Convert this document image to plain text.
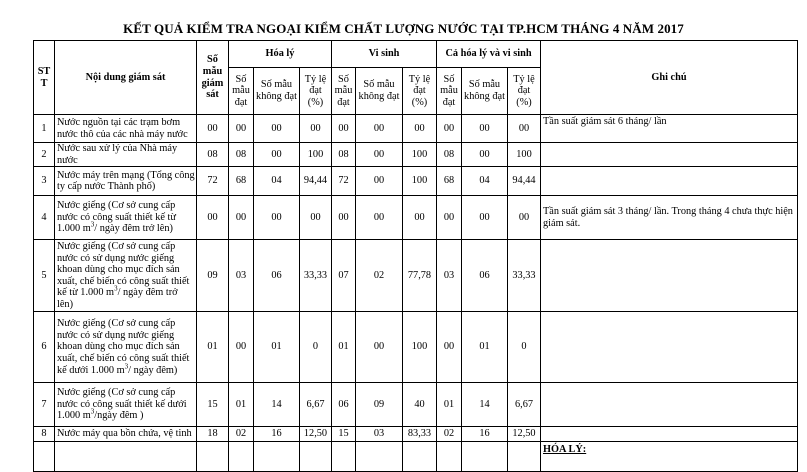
KẾT QUẢ KIỂM TRA NGOẠI KIỂM CHẤT LƯỢNG NƯỚC TẠI TP.HCM THÁNG 4 NĂM 2017
ST T	Nội dung giám sát	Số mẫu giám sát	Hóa lý			Vi sinh			Cả hóa lý và vi sinh			Ghi chú
			Số mẫu đạt	Số mẫu không đạt	Tỷ lệ đạt (%)	Số mẫu đạt	Số mẫu không đạt	Tỷ lệ đạt (%)	Số mẫu đạt	Số mẫu không đạt	Tỷ lệ đạt (%)	
1	Nước nguồn tại các trạm bơm nước thô của các nhà máy nước	00	00	00	00	00	00	00	00	00	00	Tần suất giám sát 6 tháng/ lần
2	Nước sau xử lý của Nhà máy nước	08	08	00	100	08	00	100	08	00	100	
3	Nước máy trên mạng (Tổng công ty cấp nước Thành phố)	72	68	04	94,44	72	00	100	68	04	94,44	
4	Nước giếng (Cơ sở cung cấp nước có công suất thiết kế từ 1.000 $m^3/$ ngày đêm trở lên)	00	00	00	00	00	00	00	00	00	00	Tần suất giám sát 3 tháng/ lần. Trong tháng 4 chưa thực hiện giám sát.
5	Nước giếng (Cơ sở cung cấp nước có sử dụng nước giếng khoan dùng cho mục đích sản xuất, chế biến có công suất thiết kế từ 1.000 $m^3/$ ngày đêm trở lên)	09	03	06	33,33	07	02	77,78	03	06	33,33	
6	Nước giếng (Cơ sở cung cấp nước có sử dụng nước giếng khoan dùng cho mục đích sản xuất, chế biến có công suất thiết kế dưới 1.000 $m^3/$ ngày đêm)	01	00	01	0	01	00	100	00	01	0	
7	Nước giếng (Cơ sở cung cấp nước có công suất thiết kế dưới 1.000 $m^3$/ngày đêm )	15	01	14	6,67	06	09	40	01	14	6,67	
8	Nước máy qua bồn chứa, vệ tinh	18	02	16	12,50	15	03	83,33	02	16	12,50	
												HÓA LÝ:
